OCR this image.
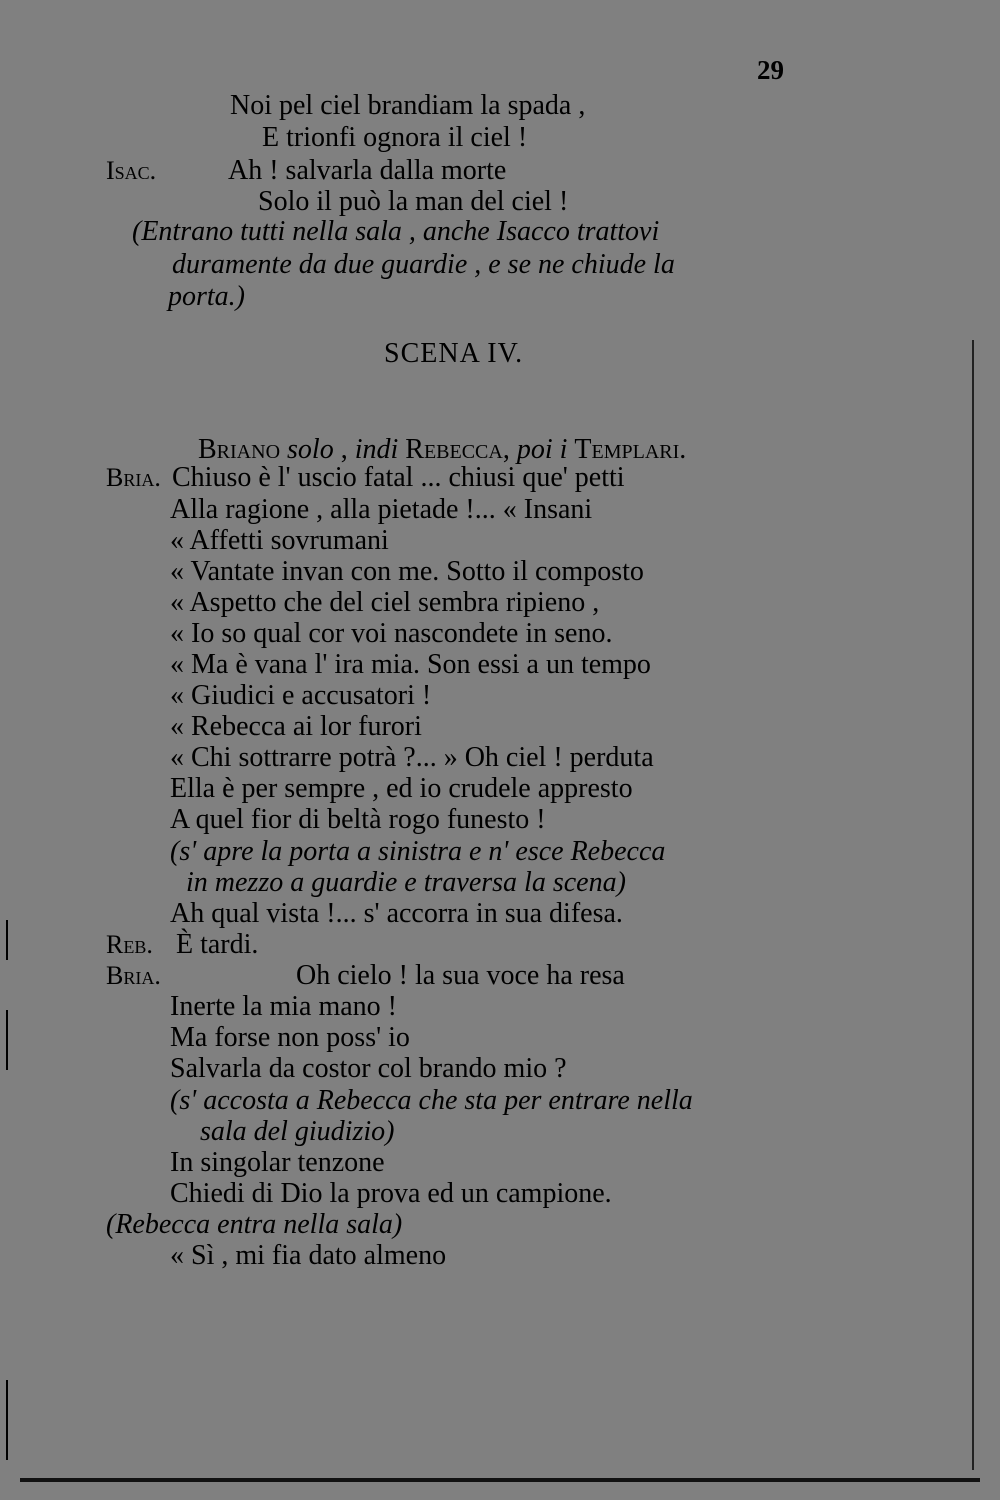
29
Noi pel ciel brandiam la spada ,
E trionfi ognora il ciel !
Isac.	Ah ! salvarla dalla morte
Solo il può la man del ciel !
(Entrano tutti nella sala , anche Isacco trattovi
duramente da due guardie , e se ne chiude la
porta.)
SCENA IV.

Briano solo , indi Rebecca, poi i Templari.

Bria. Chiuso è l' uscio fatal ... chiusi que' petti
Alla ragione , alla pietade !... « Insani
« Affetti sovrumani
« Vantate invan con me. Sotto il composto
« Aspetto che del ciel sembra ripieno ,
« Io so qual cor voi nascondete in seno.
« Ma è vana l' ira mia. Son essi a un tempo
« Giudici e accusatori !
« Rebecca ai lor furori
« Chi sottrarre potrà ?... » Oh ciel ! perduta
Ella è per sempre , ed io crudele appresto
A quel fior di beltà rogo funesto !
(s' apre la porta a sinistra e n' esce Rebecca
in mezzo a guardie e traversa la scena)
Ah qual vista !... s' accorra in sua difesa.
Reb. È tardi.
Bria.	Oh cielo ! la sua voce ha resa
Inerte la mia mano !
Ma forse non poss' io
Salvarla da costor col brando mio ?
(s' accosta a Rebecca che sta per entrare nella
sala del giudizio)
In singolar tenzone
Chiedi di Dio la prova ed un campione.
(Rebecca entra nella sala)
« Sì , mi fia dato almeno
